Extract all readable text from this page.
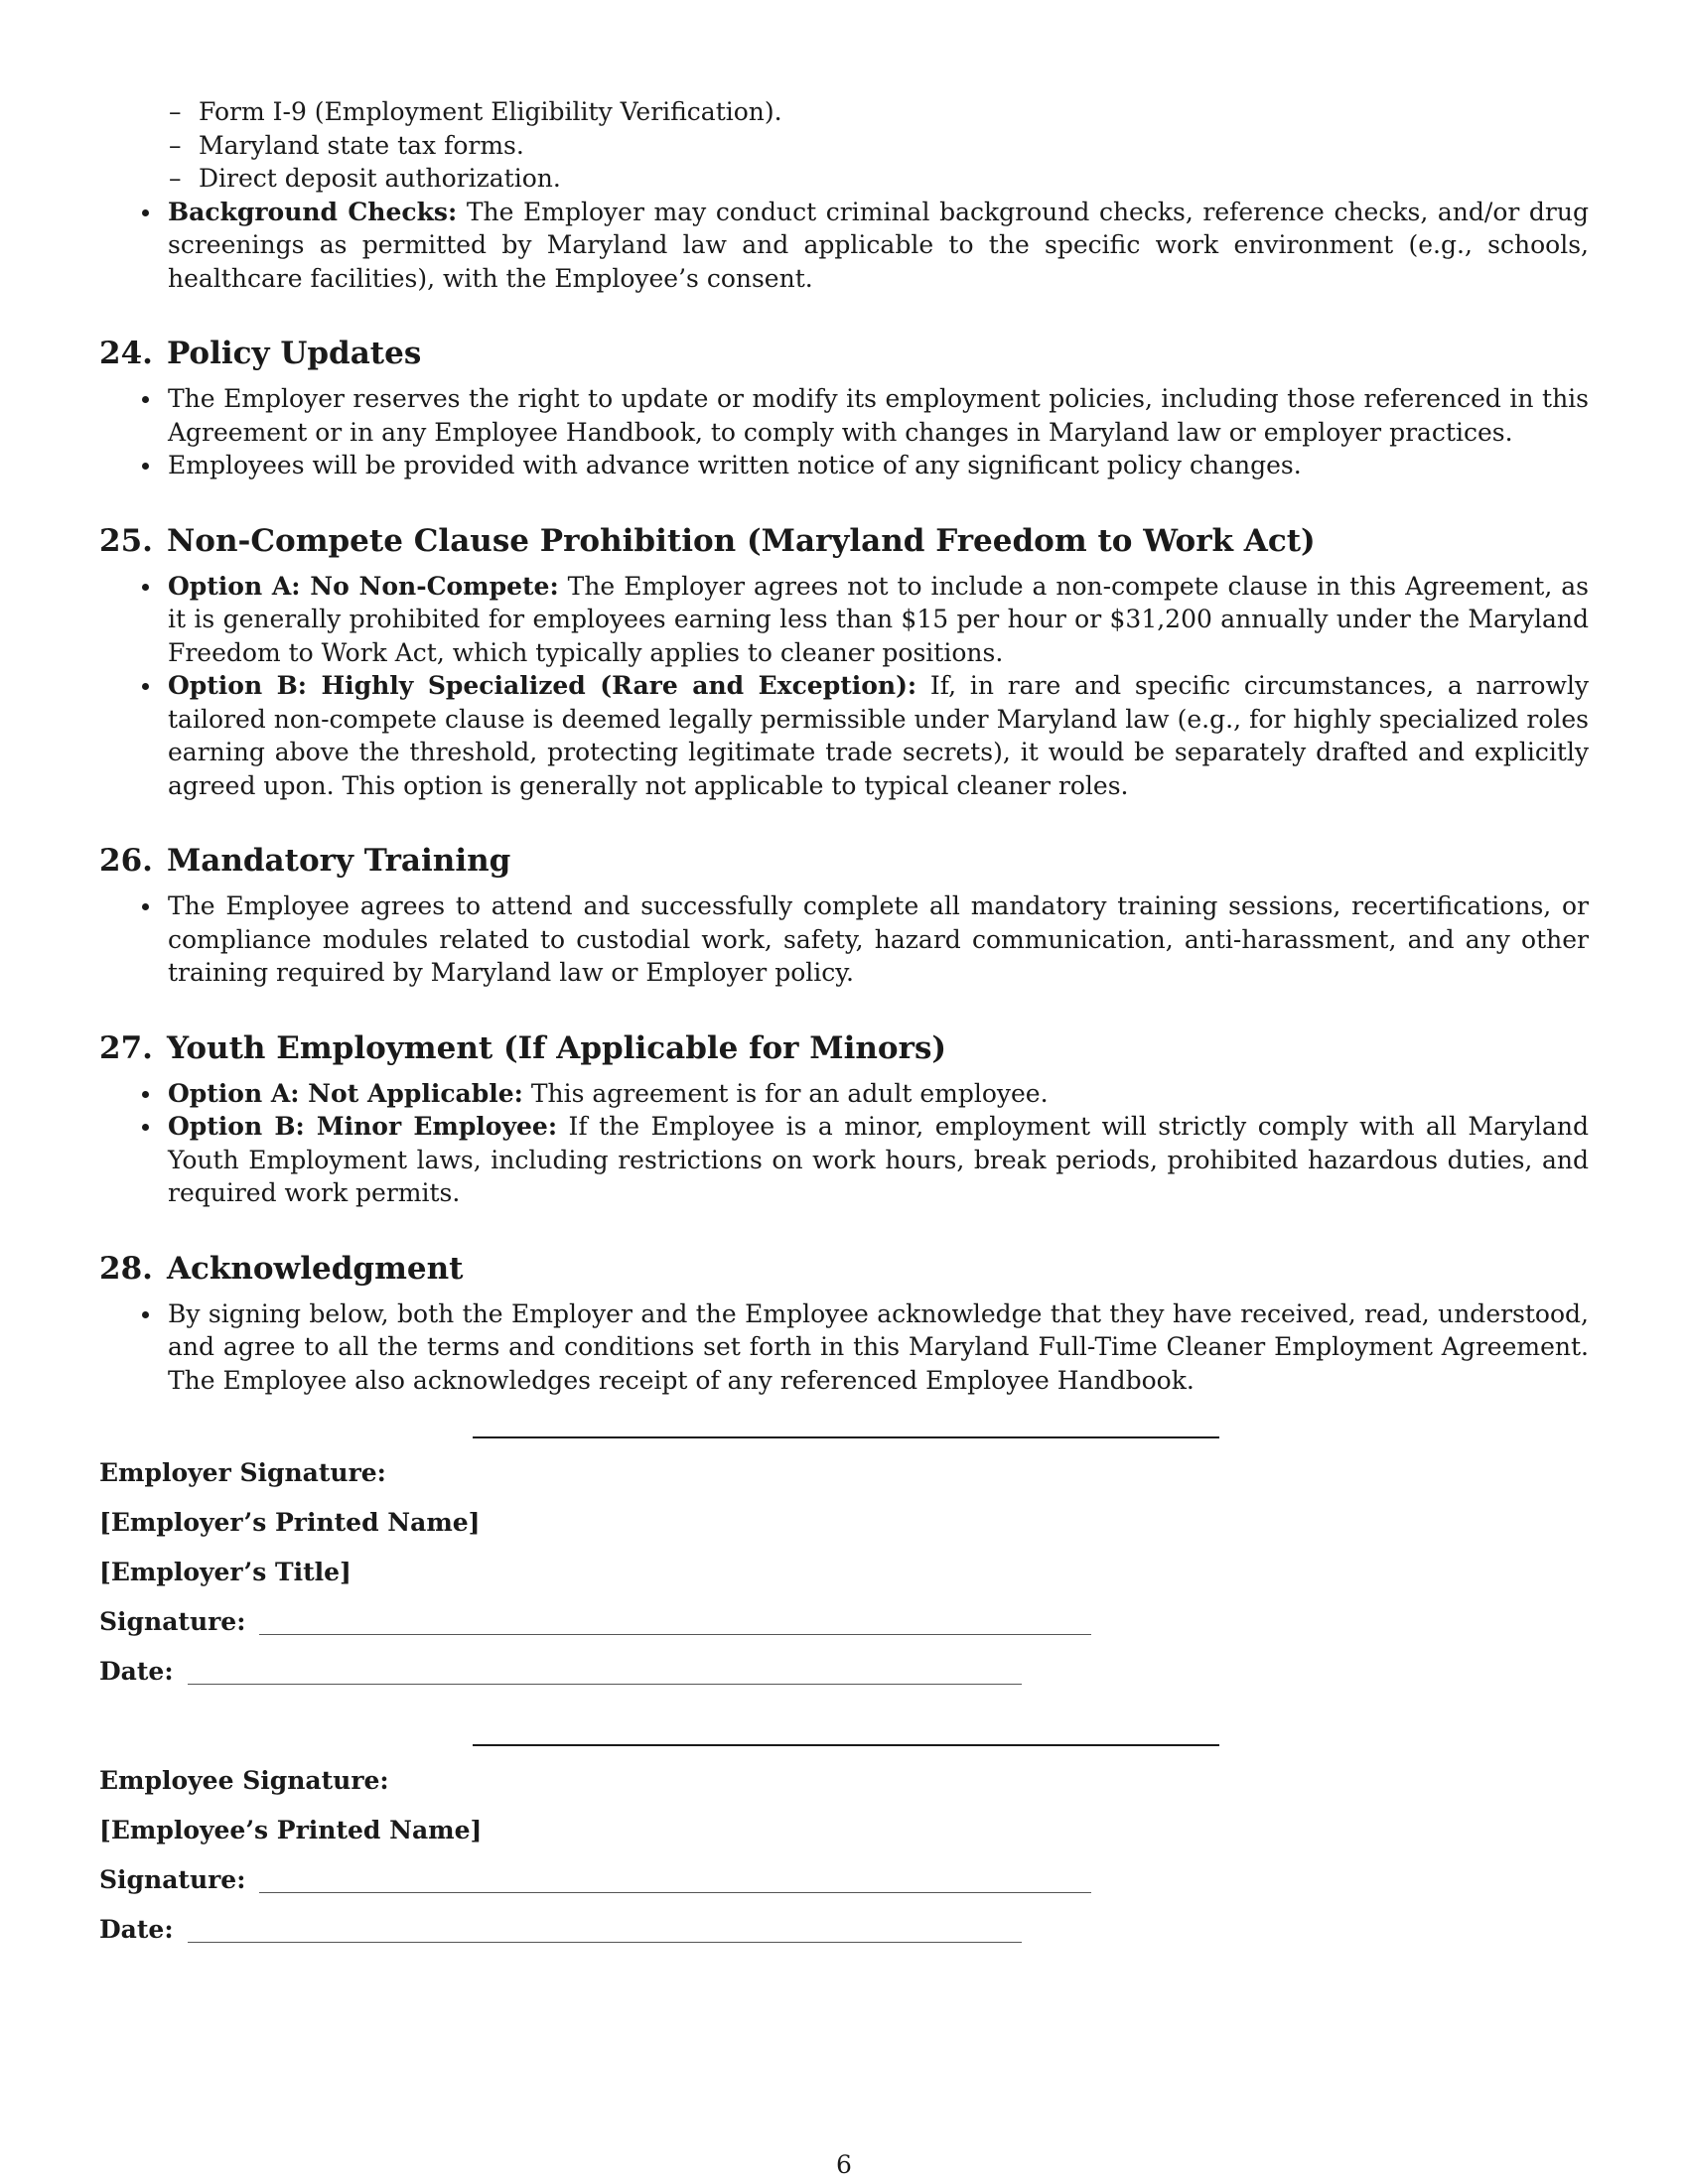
– Form I-9 (Employment Eligibility Verification).
– Maryland state tax forms.
– Direct deposit authorization.
Background Checks: The Employer may conduct criminal background checks, reference checks, and/or drug screenings as permitted by Maryland law and applicable to the specific work environment (e.g., schools, healthcare facilities), with the Employee’s consent.
24. Policy Updates
The Employer reserves the right to update or modify its employment policies, including those referenced in this Agreement or in any Employee Handbook, to comply with changes in Maryland law or employer practices.
Employees will be provided with advance written notice of any significant policy changes.
25. Non-Compete Clause Prohibition (Maryland Freedom to Work Act)
Option A: No Non-Compete: The Employer agrees not to include a non-compete clause in this Agreement, as it is generally prohibited for employees earning less than $15 per hour or $31,200 annually under the Maryland Freedom to Work Act, which typically applies to cleaner positions.
Option B: Highly Specialized (Rare and Exception): If, in rare and specific circumstances, a narrowly tailored non-compete clause is deemed legally permissible under Maryland law (e.g., for highly specialized roles earning above the threshold, protecting legitimate trade secrets), it would be separately drafted and explicitly agreed upon. This option is generally not applicable to typical cleaner roles.
26. Mandatory Training
The Employee agrees to attend and successfully complete all mandatory training sessions, recertifications, or compliance modules related to custodial work, safety, hazard communication, anti-harassment, and any other training required by Maryland law or Employer policy.
27. Youth Employment (If Applicable for Minors)
Option A: Not Applicable: This agreement is for an adult employee.
Option B: Minor Employee: If the Employee is a minor, employment will strictly comply with all Maryland Youth Employment laws, including restrictions on work hours, break periods, prohibited hazardous duties, and required work permits.
28. Acknowledgment
By signing below, both the Employer and the Employee acknowledge that they have received, read, understood, and agree to all the terms and conditions set forth in this Maryland Full-Time Cleaner Employment Agreement. The Employee also acknowledges receipt of any referenced Employee Handbook.
Employer Signature:
[Employer’s Printed Name]
[Employer’s Title]
Signature:
Date:
Employee Signature:
[Employee’s Printed Name]
Signature:
Date:
6
